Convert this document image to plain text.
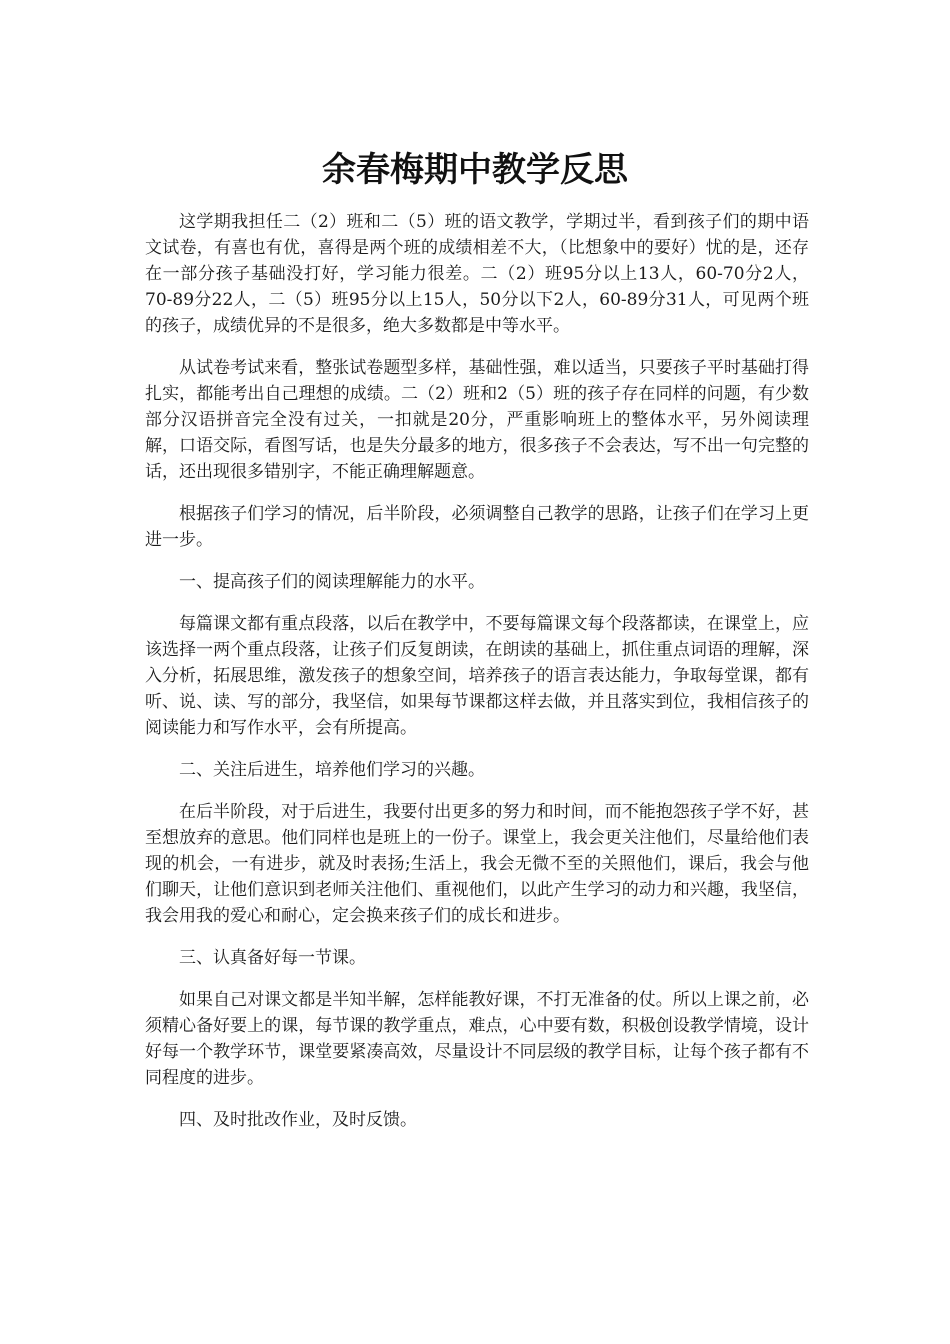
余春梅期中教学反思

这学期我担任二（2）班和二（5）班的语文教学，学期过半，看到孩子们的期中语文试卷，有喜也有优，喜得是两个班的成绩相差不大，（比想象中的要好）忧的是，还存在一部分孩子基础没打好，学习能力很差。二（2）班95分以上13人，60-70分2人，70-89分22人，二（5）班95分以上15人，50分以下2人，60-89分31人，可见两个班的孩子，成绩优异的不是很多，绝大多数都是中等水平。

从试卷考试来看，整张试卷题型多样，基础性强，难以适当，只要孩子平时基础打得扎实，都能考出自己理想的成绩。二（2）班和2（5）班的孩子存在同样的问题，有少数部分汉语拼音完全没有过关，一扣就是20分，严重影响班上的整体水平，另外阅读理解，口语交际，看图写话，也是失分最多的地方，很多孩子不会表达，写不出一句完整的话，还出现很多错别字，不能正确理解题意。

根据孩子们学习的情况，后半阶段，必须调整自己教学的思路，让孩子们在学习上更进一步。

一、提高孩子们的阅读理解能力的水平。

每篇课文都有重点段落，以后在教学中，不要每篇课文每个段落都读，在课堂上，应该选择一两个重点段落，让孩子们反复朗读，在朗读的基础上，抓住重点词语的理解，深入分析，拓展思维，激发孩子的想象空间，培养孩子的语言表达能力，争取每堂课，都有听、说、读、写的部分，我坚信，如果每节课都这样去做，并且落实到位，我相信孩子的阅读能力和写作水平，会有所提高。

二、关注后进生，培养他们学习的兴趣。

在后半阶段，对于后进生，我要付出更多的努力和时间，而不能抱怨孩子学不好，甚至想放弃的意思。他们同样也是班上的一份子。课堂上，我会更关注他们，尽量给他们表现的机会，一有进步，就及时表扬;生活上，我会无微不至的关照他们，课后，我会与他们聊天，让他们意识到老师关注他们、重视他们，以此产生学习的动力和兴趣，我坚信，我会用我的爱心和耐心，定会换来孩子们的成长和进步。

三、认真备好每一节课。

如果自己对课文都是半知半解，怎样能教好课，不打无准备的仗。所以上课之前，必须精心备好要上的课，每节课的教学重点，难点，心中要有数，积极创设教学情境，设计好每一个教学环节，课堂要紧凑高效，尽量设计不同层级的教学目标，让每个孩子都有不同程度的进步。

四、及时批改作业，及时反馈。
